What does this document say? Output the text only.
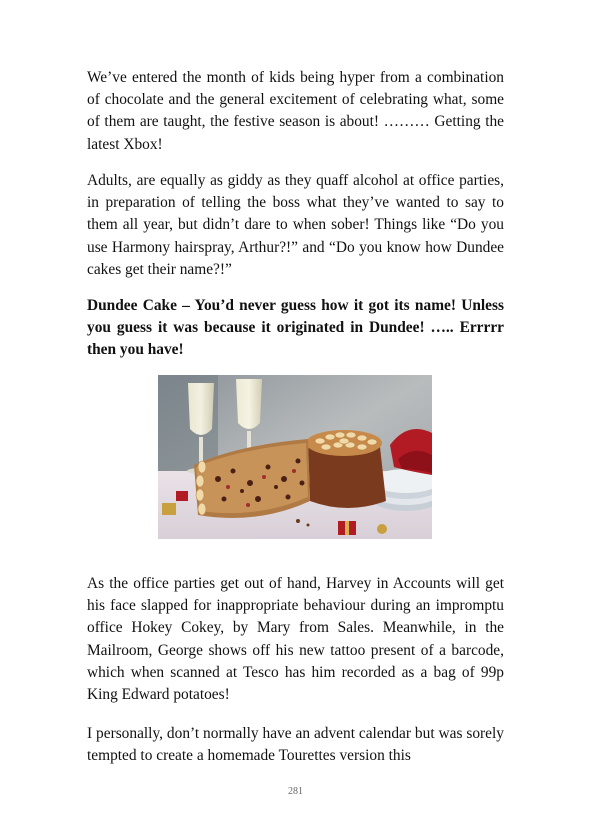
We’ve entered the month of kids being hyper from a combination of chocolate and the general excitement of celebrating what, some of them are taught, the festive season is about! ……… Getting the latest Xbox!

Adults, are equally as giddy as they quaff alcohol at office parties, in preparation of telling the boss what they’ve wanted to say to them all year, but didn’t dare to when sober! Things like “Do you use Harmony hairspray, Arthur?!” and “Do you know how Dundee cakes get their name?!”

Dundee Cake – You’d never guess how it got its name! Unless you guess it was because it originated in Dundee! ….. Errrrr then you have!

As the office parties get out of hand, Harvey in Accounts will get his face slapped for inappropriate behaviour during an impromptu office Hokey Cokey, by Mary from Sales. Meanwhile, in the Mailroom, George shows off his new tattoo present of a barcode, which when scanned at Tesco has him recorded as a bag of 99p King Edward potatoes!

I personally, don’t normally have an advent calendar but was sorely tempted to create a homemade Tourettes version this

281
